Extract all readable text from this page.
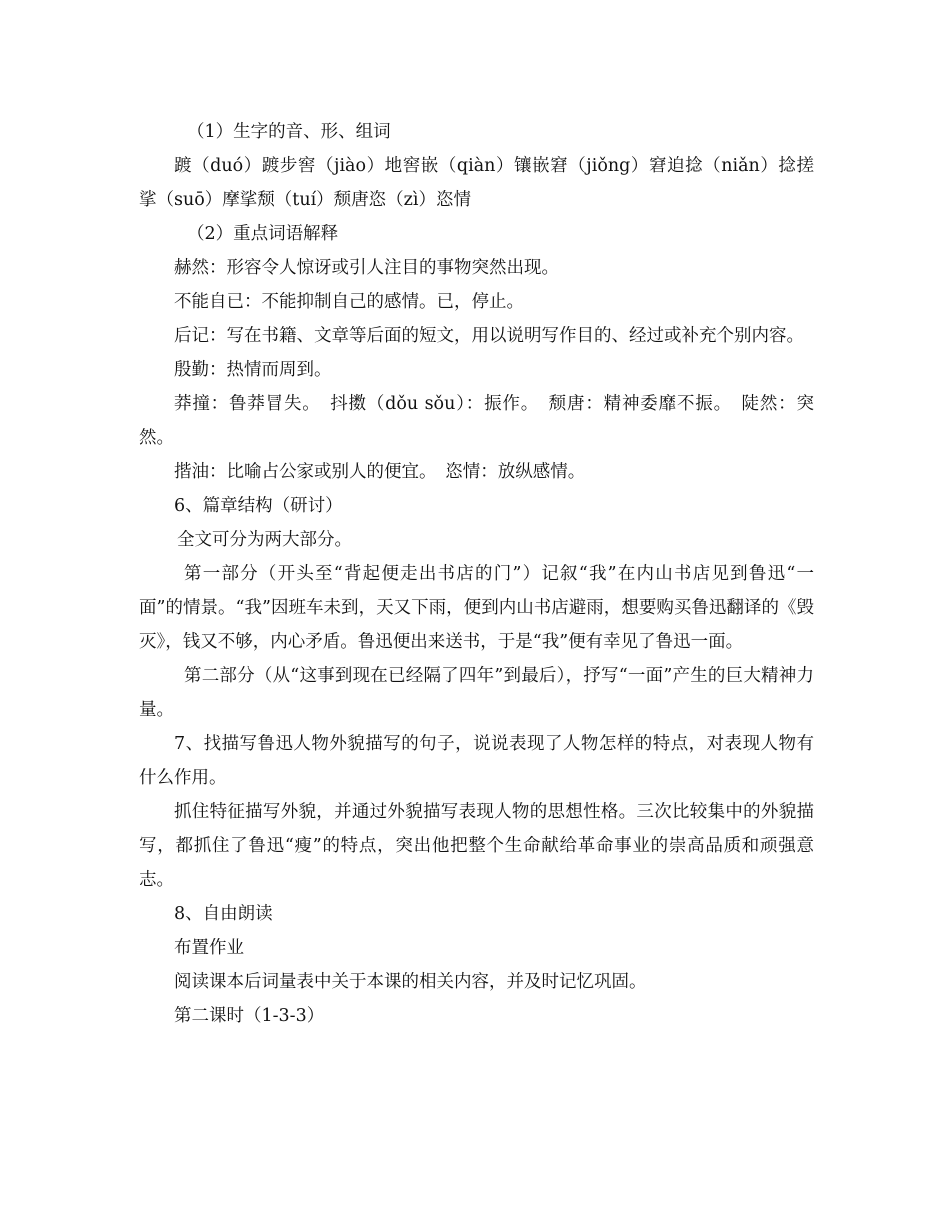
（1）生字的音、形、组词

踱（duó）踱步窖（jiào）地窖嵌（qiàn）镶嵌窘（jiǒng）窘迫捻（niǎn）捻搓挲（suō）摩挲颓（tuí）颓唐恣（zì）恣情

（2）重点词语解释

赫然：形容令人惊讶或引人注目的事物突然出现。

不能自已：不能抑制自己的感情。已，停止。

后记：写在书籍、文章等后面的短文，用以说明写作目的、经过或补充个别内容。

殷勤：热情而周到。

莽撞：鲁莽冒失。　抖擞（dǒu sǒu）：振作。　颓唐：精神委靡不振。　陡然：突然。

揩油：比喻占公家或别人的便宜。　恣情：放纵感情。

6、篇章结构（研讨）

全文可分为两大部分。

第一部分（开头至“背起便走出书店的门”）记叙“我”在内山书店见到鲁迅“一面”的情景。“我”因班车未到，天又下雨，便到内山书店避雨，想要购买鲁迅翻译的《毁灭》，钱又不够，内心矛盾。鲁迅便出来送书，于是“我”便有幸见了鲁迅一面。

第二部分（从“这事到现在已经隔了四年”到最后），抒写“一面”产生的巨大精神力量。

7、找描写鲁迅人物外貌描写的句子，说说表现了人物怎样的特点，对表现人物有什么作用。

抓住特征描写外貌，并通过外貌描写表现人物的思想性格。三次比较集中的外貌描写，都抓住了鲁迅“瘦”的特点，突出他把整个生命献给革命事业的崇高品质和顽强意志。

8、自由朗读

布置作业

阅读课本后词量表中关于本课的相关内容，并及时记忆巩固。

第二课时（1-3-3）
